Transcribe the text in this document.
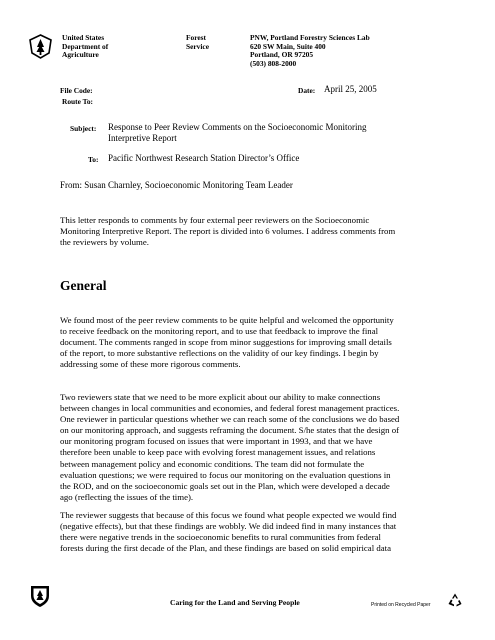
United States
Department of
Agriculture
Forest
Service
PNW, Portland Forestry Sciences Lab
620 SW Main, Suite 400
Portland, OR 97205
(503) 808-2000
File Code:
Route To:
Date: April 25, 2005
Subject: Response to Peer Review Comments on the Socioeconomic Monitoring
Interpretive Report
To: Pacific Northwest Research Station Director’s Office
From: Susan Charnley, Socioeconomic Monitoring Team Leader
This letter responds to comments by four external peer reviewers on the Socioeconomic
Monitoring Interpretive Report. The report is divided into 6 volumes. I address comments from
the reviewers by volume.
General
We found most of the peer review comments to be quite helpful and welcomed the opportunity
to receive feedback on the monitoring report, and to use that feedback to improve the final
document. The comments ranged in scope from minor suggestions for improving small details
of the report, to more substantive reflections on the validity of our key findings. I begin by
addressing some of these more rigorous comments.
Two reviewers state that we need to be more explicit about our ability to make connections
between changes in local communities and economies, and federal forest management practices.
One reviewer in particular questions whether we can reach some of the conclusions we do based
on our monitoring approach, and suggests reframing the document. S/he states that the design of
our monitoring program focused on issues that were important in 1993, and that we have
therefore been unable to keep pace with evolving forest management issues, and relations
between management policy and economic conditions. The team did not formulate the
evaluation questions; we were required to focus our monitoring on the evaluation questions in
the ROD, and on the socioeconomic goals set out in the Plan, which were developed a decade
ago (reflecting the issues of the time).
The reviewer suggests that because of this focus we found what people expected we would find
(negative effects), but that these findings are wobbly. We did indeed find in many instances that
there were negative trends in the socioeconomic benefits to rural communities from federal
forests during the first decade of the Plan, and these findings are based on solid empirical data
Caring for the Land and Serving People	Printed on Recycled Paper
